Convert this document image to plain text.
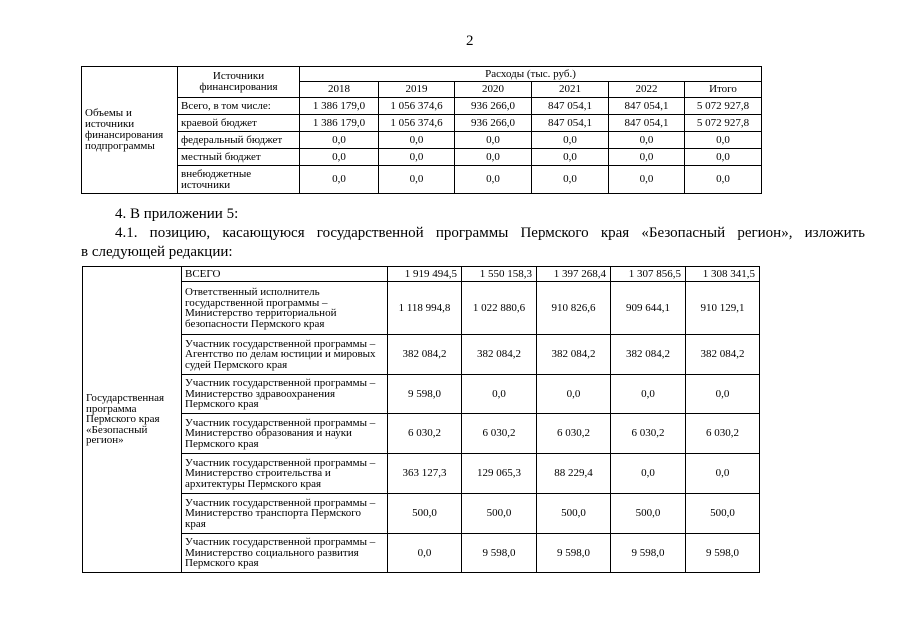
2
Объемы и источники финансирования подпрограммы	Источники финансирования	Расходы (тыс. руб.)					
		2018	2019	2020	2021	2022	Итого
	Всего, в том числе:	1 386 179,0	1 056 374,6	936 266,0	847 054,1	847 054,1	5 072 927,8
	краевой бюджет	1 386 179,0	1 056 374,6	936 266,0	847 054,1	847 054,1	5 072 927,8
	федеральный бюджет	0,0	0,0	0,0	0,0	0,0	0,0
	местный бюджет	0,0	0,0	0,0	0,0	0,0	0,0
	внебюджетные источники	0,0	0,0	0,0	0,0	0,0	0,0
4. В приложении 5:
4.1. позицию, касающуюся государственной программы Пермского края «Безопасный регион», изложить
в следующей редакции:
Государственная программа Пермского края «Безопасный регион»	ВСЕГО	1 919 494,5	1 550 158,3	1 397 268,4	1 307 856,5	1 308 341,5
	Ответственный исполнитель государственной программы – Министерство территориальной безопасности Пермского края	1 118 994,8	1 022 880,6	910 826,6	909 644,1	910 129,1
	Участник государственной программы – Агентство по делам юстиции и мировых судей Пермского края	382 084,2	382 084,2	382 084,2	382 084,2	382 084,2
	Участник государственной программы – Министерство здравоохранения Пермского края	9 598,0	0,0	0,0	0,0	0,0
	Участник государственной программы – Министерство образования и науки Пермского края	6 030,2	6 030,2	6 030,2	6 030,2	6 030,2
	Участник государственной программы – Министерство строительства и архитектуры Пермского края	363 127,3	129 065,3	88 229,4	0,0	0,0
	Участник государственной программы – Министерство транспорта Пермского края	500,0	500,0	500,0	500,0	500,0
	Участник государственной программы – Министерство социального развития Пермского края	0,0	9 598,0	9 598,0	9 598,0	9 598,0
